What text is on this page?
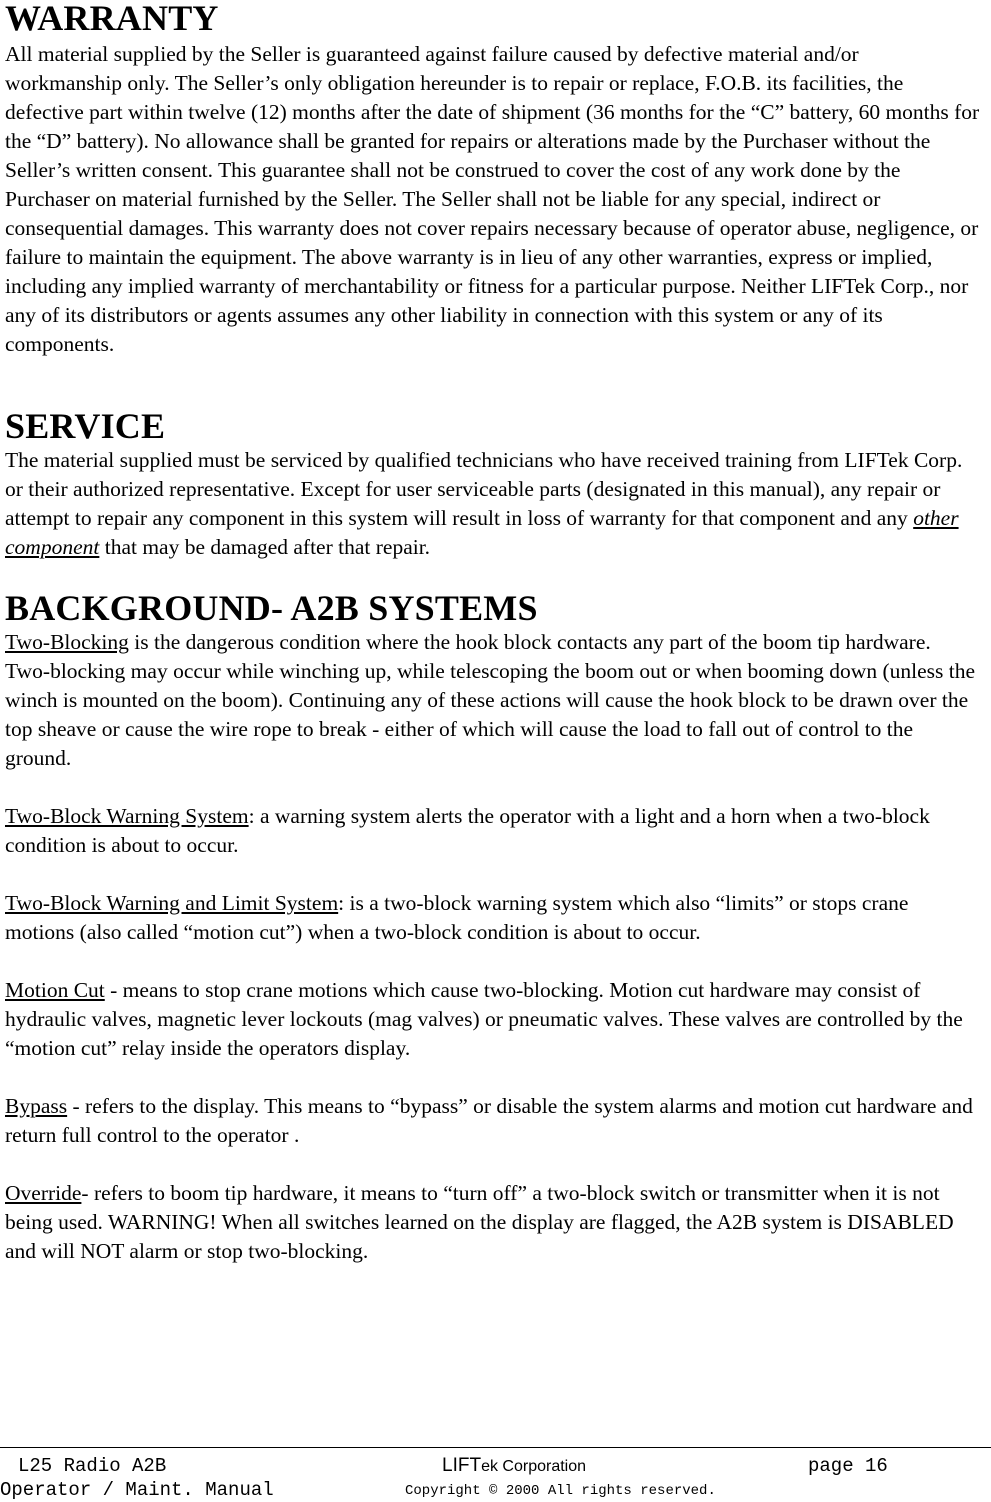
WARRANTY

All material supplied by the Seller is guaranteed against failure caused by defective material and/or workmanship only. The Seller’s only obligation hereunder is to repair or replace, F.O.B. its facilities, the defective part within twelve (12) months after the date of shipment (36 months for the “C” battery, 60 months for the “D” battery). No allowance shall be granted for repairs or alterations made by the Purchaser without the Seller’s written consent. This guarantee shall not be construed to cover the cost of any work done by the Purchaser on material furnished by the Seller. The Seller shall not be liable for any special, indirect or consequential damages. This warranty does not cover repairs necessary because of operator abuse, negligence, or failure to maintain the equipment. The above warranty is in lieu of any other warranties, express or implied, including any implied warranty of merchantability or fitness for a particular purpose. Neither LIFTek Corp., nor any of its distributors or agents assumes any other liability in connection with this system or any of its components.

SERVICE

The material supplied must be serviced by qualified technicians who have received training from LIFTek Corp. or their authorized representative. Except for user serviceable parts (designated in this manual), any repair or attempt to repair any component in this system will result in loss of warranty for that component and any other component that may be damaged after that repair.

BACKGROUND- A2B SYSTEMS

Two-Blocking is the dangerous condition where the hook block contacts any part of the boom tip hardware. Two-blocking may occur while winching up, while telescoping the boom out or when booming down (unless the winch is mounted on the boom). Continuing any of these actions will cause the hook block to be drawn over the top sheave or cause the wire rope to break - either of which will cause the load to fall out of control to the ground.

Two-Block Warning System: a warning system alerts the operator with a light and a horn when a two-block condition is about to occur.

Two-Block Warning and Limit System: is a two-block warning system which also “limits” or stops crane motions (also called “motion cut”) when a two-block condition is about to occur.

Motion Cut - means to stop crane motions which cause two-blocking. Motion cut hardware may consist of hydraulic valves, magnetic lever lockouts (mag valves) or pneumatic valves. These valves are controlled by the “motion cut” relay inside the operators display.

Bypass - refers to the display. This means to “bypass” or disable the system alarms and motion cut hardware and return full control to the operator .

Override- refers to boom tip hardware, it means to “turn off” a two-block switch or transmitter when it is not being used. WARNING! When all switches learned on the display are flagged, the A2B system is DISABLED and will NOT alarm or stop two-blocking.

L25 Radio A2B
Operator / Maint. Manual
LIFTek Corporation
Copyright © 2000 All rights reserved.
page 16
